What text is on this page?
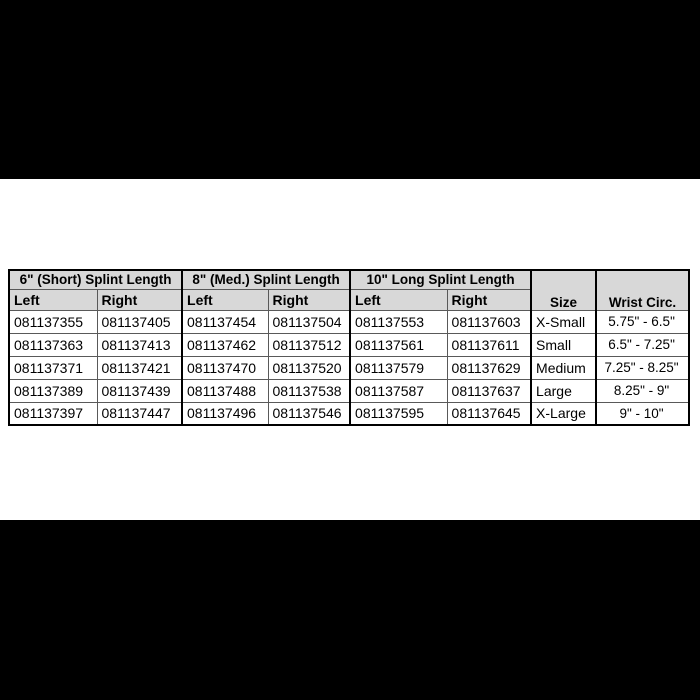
6" (Short) Splint Length		8" (Med.) Splint Length		10" Long Splint Length		Size	Wrist Circ.
Left	Right	Left	Right	Left	Right		
081137355	081137405	081137454	081137504	081137553	081137603	X-Small	5.75" - 6.5"
081137363	081137413	081137462	081137512	081137561	081137611	Small	6.5" - 7.25"
081137371	081137421	081137470	081137520	081137579	081137629	Medium	7.25" - 8.25"
081137389	081137439	081137488	081137538	081137587	081137637	Large	8.25" - 9"
081137397	081137447	081137496	081137546	081137595	081137645	X-Large	9" - 10"
